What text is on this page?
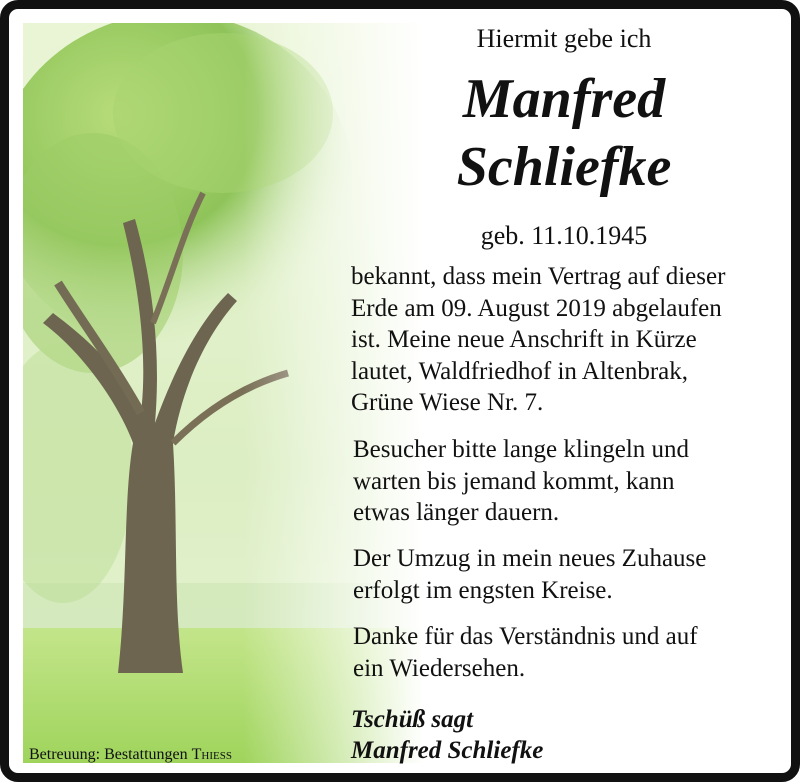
Hiermit gebe ich
Manfred
Schliefke
geb. 11.10.1945
bekannt, dass mein Vertrag auf dieser
Erde am 09. August 2019 abgelaufen
ist. Meine neue Anschrift in Kürze
lautet, Waldfriedhof in Altenbrak,
Grüne Wiese Nr. 7.
Besucher bitte lange klingeln und
warten bis jemand kommt, kann
etwas länger dauern.
Der Umzug in mein neues Zuhause
erfolgt im engsten Kreise.
Danke für das Verständnis und auf
ein Wiedersehen.
Tschüß sagt
Manfred Schliefke
Betreuung: Bestattungen Thieß
